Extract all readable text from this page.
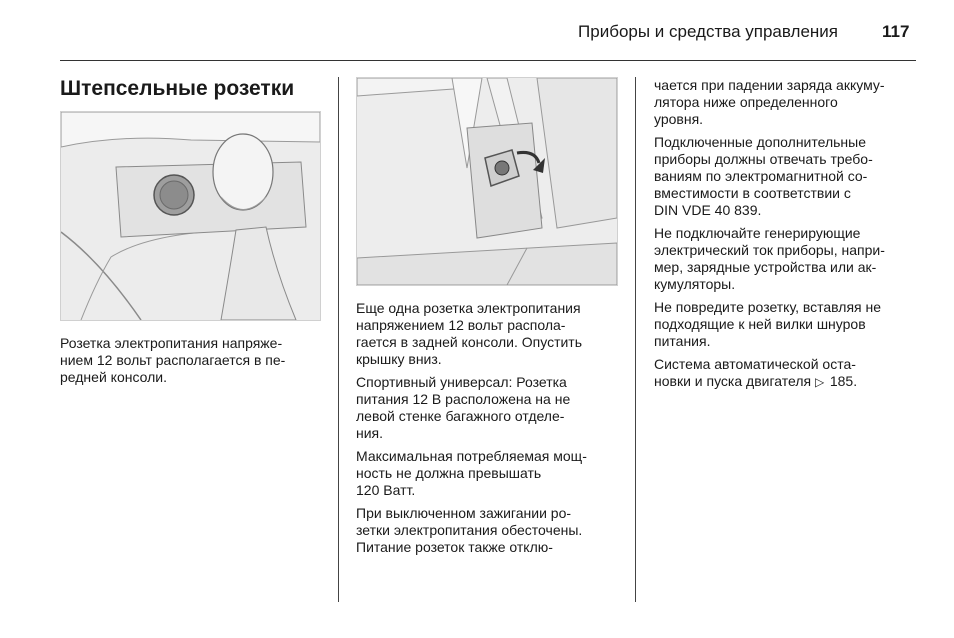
Приборы и средства управления	117
Штепсельные розетки

Розетка электропитания напряже-
нием 12 вольт располагается в пе-
редней консоли.

Еще одна розетка электропитания
напряжением 12 вольт распола-
гается в задней консоли. Опустить
крышку вниз.

Спортивный универсал: Розетка
питания 12 В расположена на не
левой стенке багажного отделе-
ния.

Максимальная потребляемая мощ-
ность не должна превышать
120 Ватт.

При выключенном зажигании ро-
зетки электропитания обесточены.
Питание розеток также отклю-

чается при падении заряда аккуму-
лятора ниже определенного
уровня.

Подключенные дополнительные
приборы должны отвечать требо-
ваниям по электромагнитной со-
вместимости в соответствии с
DIN VDE 40 839.

Не подключайте генерирующие
электрический ток приборы, напри-
мер, зарядные устройства или ак-
кумуляторы.

Не повредите розетку, вставляя не
подходящие к ней вилки шнуров
питания.

Система автоматической оста-
новки и пуска двигателя ▷ 185.
